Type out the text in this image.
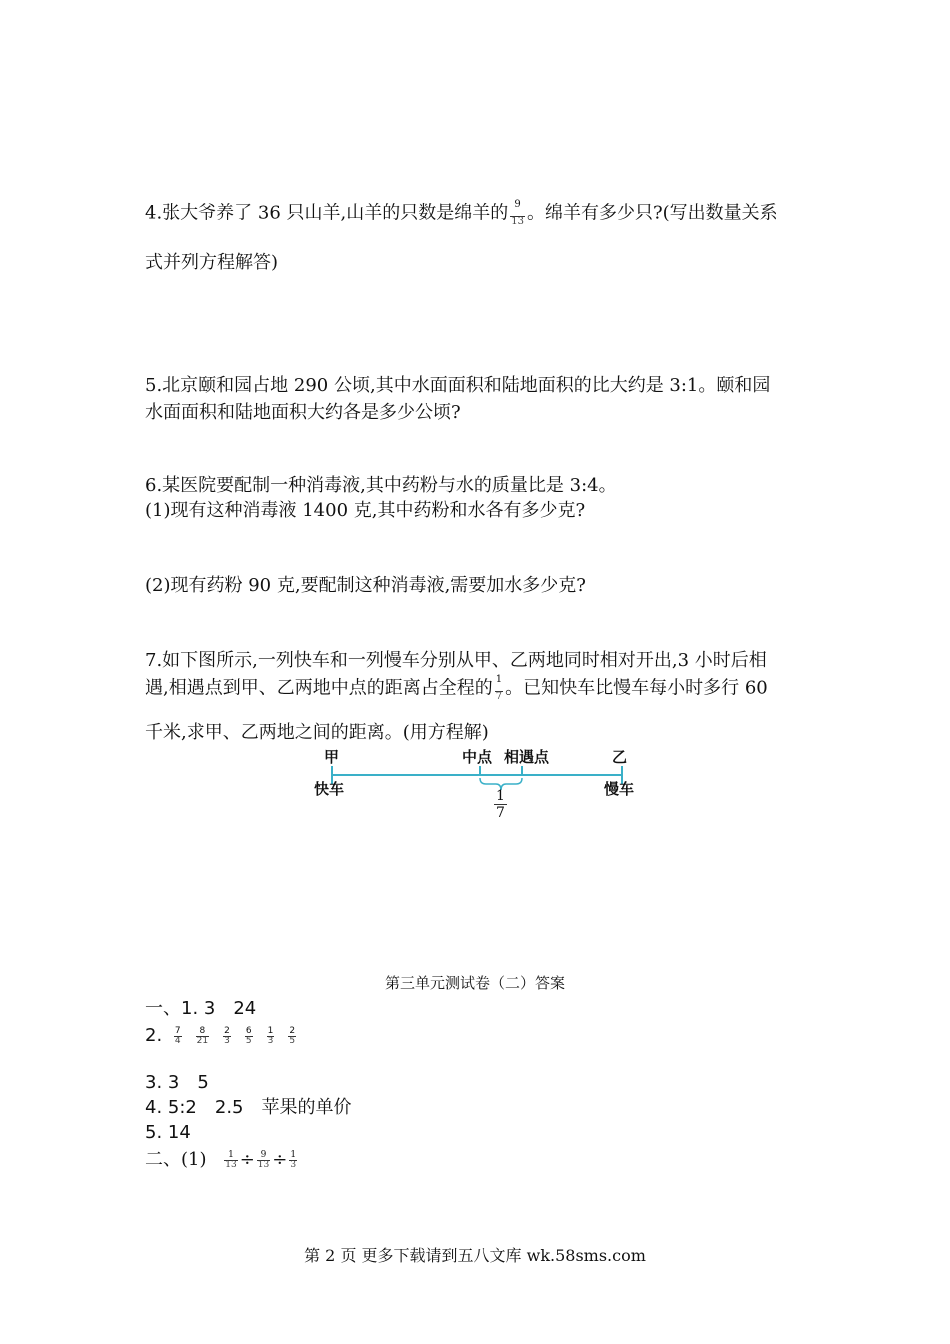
4.张大爷养了 36 只山羊,山羊的只数是绵羊的 $\frac{9}{13}$ 。绵羊有多少只?(写出数量关系
式并列方程解答)
5.北京颐和园占地 290 公顷,其中水面面积和陆地面积的比大约是 3:1。颐和园
水面面积和陆地面积大约各是多少公顷?
6.某医院要配制一种消毒液,其中药粉与水的质量比是 3:4。
(1)现有这种消毒液 1400 克,其中药粉和水各有多少克?
(2)现有药粉 90 克,要配制这种消毒液,需要加水多少克?
7.如下图所示,一列快车和一列慢车分别从甲、乙两地同时相对开出,3 小时后相
遇,相遇点到甲、乙两地中点的距离占全程的 $\frac{1}{7}$ 。已知快车比慢车每小时多行 60
千米,求甲、乙两地之间的距离。(用方程解)
甲	乙
中点 相遇点
快车	慢车
1
7
第三单元测试卷（二）答案
一、1. 3　24
2. $\frac{7}{4} \frac{8}{21} \frac{2}{3} \frac{6}{5} \frac{1}{3} \frac{2}{5}$
3. 3　5
4. 5:2　2.5　苹果的单价
5. 14
二、$(1) \frac{1}{13} \div \frac{9}{13} \div \frac{1}{3}$
第 2 页 更多下载请到五八文库 wk.58sms.com
